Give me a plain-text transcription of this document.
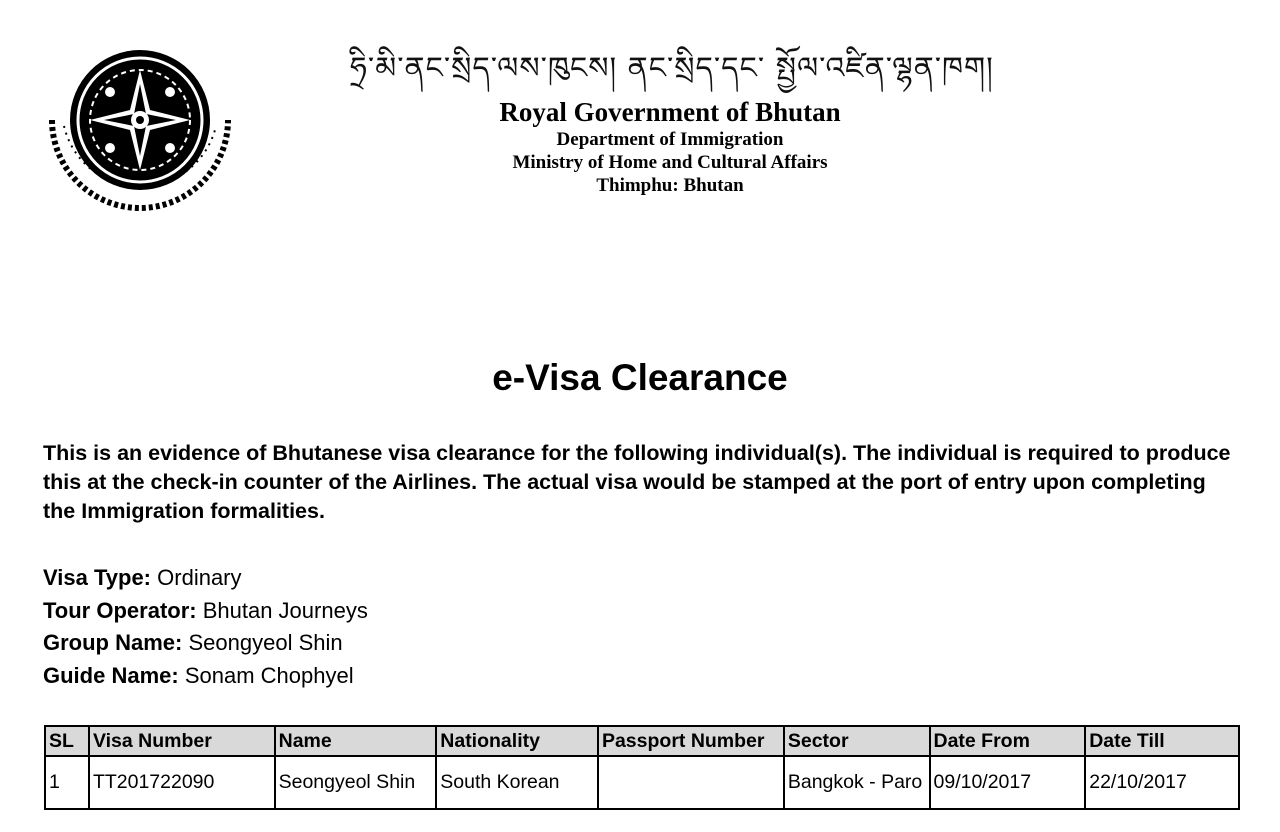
ཧྲི་མི་ནང་སྲིད་ལས་ཁུངས། ནང་སྲིད་དང་ སྤྱོལ་འཛིན་ལྷན་ཁག།
Royal Government of Bhutan
Department of Immigration
Ministry of Home and Cultural Affairs
Thimphu: Bhutan
e-Visa Clearance
This is an evidence of Bhutanese visa clearance for the following individual(s). The individual is required to produce this at the check-in counter of the Airlines. The actual visa would be stamped at the port of entry upon completing the Immigration formalities.
Visa Type: Ordinary
Tour Operator: Bhutan Journeys
Group Name: Seongyeol Shin
Guide Name: Sonam Chophyel
SL	Visa Number	Name	Nationality	Passport Number	Sector	Date From	Date Till
1	TT201722090	Seongyeol Shin	South Korean		Bangkok - Paro	09/10/2017	22/10/2017
